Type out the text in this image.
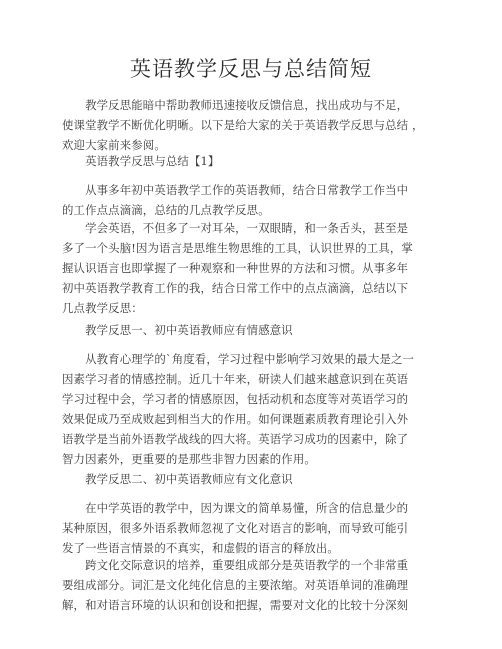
英语教学反思与总结简短
　　教学反思能暗中帮助教师迅速接收反馈信息，找出成功与不足，
使课堂教学不断优化明晰。以下是给大家的关于英语教学反思与总结 ，
欢迎大家前来参阅。
　　英语教学反思与总结【1】
　　从事多年初中英语教学工作的英语教师，结合日常教学工作当中
的工作点点滴滴，总结的几点教学反思。
　　学会英语，不但多了一对耳朵，一双眼睛，和一条舌头，甚至是
多了一个头脑!因为语言是思维生物思维的工具，认识世界的工具，掌
握认识语言也即掌握了一种观察和一种世界的方法和习惯。从事多年
初中英语教学教育工作的我，结合日常工作中的点点滴滴，总结以下
几点教学反思：
　　教学反思一、初中英语教师应有情感意识
　　从教育心理学的`角度看，学习过程中影响学习效果的最大是之一
因素学习者的情感控制。近几十年来，研读人们越来越意识到在英语
学习过程中会，学习者的情感原因，包括动机和态度等对英语学习的
效果促成乃至成败起到相当大的作用。如何课题素质教育理论引入外
语教学是当前外语教学战线的四大将。英语学习成功的因素中，除了
智力因素外，更重要的是那些非智力因素的作用。
　　教学反思二、初中英语教师应有文化意识
　　在中学英语的教学中，因为课文的简单易懂，所含的信息量少的
某种原因，很多外语系教师忽视了文化对语言的影响，而导致可能引
发了一些语言情景的不真实，和虚假的语言的释放出。
　　跨文化交际意识的培养，重要组成部分是英语教学的一个非常重
要组成部分。词汇是文化纯化信息的主要浓缩。对英语单词的准确理
解，和对语言环境的认识和创设和把握，需要对文化的比较十分深刻
